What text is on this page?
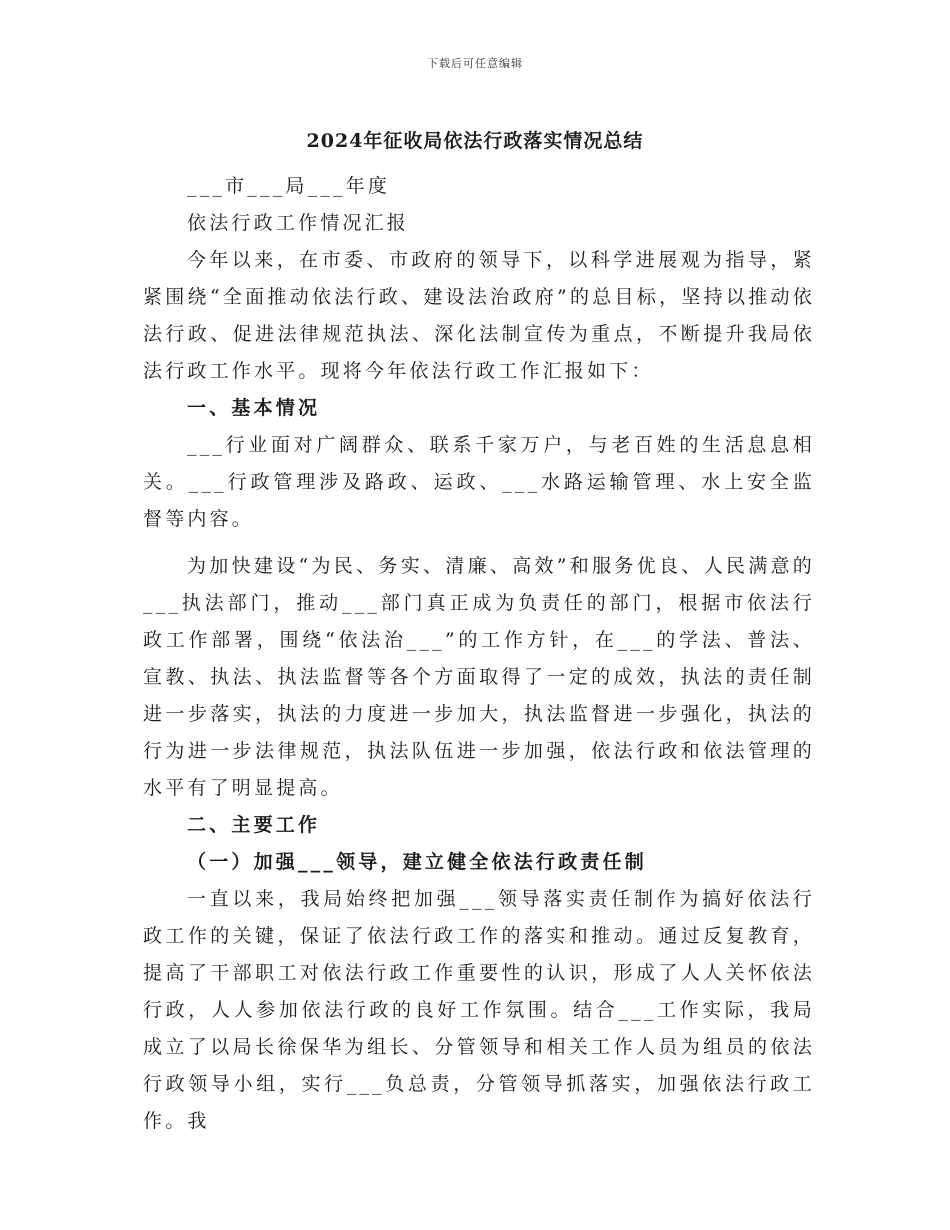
下载后可任意编辑
2024年征收局依法行政落实情况总结

___市___局___年度

依法行政工作情况汇报

今年以来，在市委、市政府的领导下，以科学进展观为指导，紧紧围绕“全面推动依法行政、建设法治政府”的总目标，坚持以推动依法行政、促进法律规范执法、深化法制宣传为重点，不断提升我局依法行政工作水平。现将今年依法行政工作汇报如下：

一、基本情况

___行业面对广阔群众、联系千家万户，与老百姓的生活息息相关。___行政管理涉及路政、运政、___水路运输管理、水上安全监督等内容。

为加快建设“为民、务实、清廉、高效”和服务优良、人民满意的___执法部门，推动___部门真正成为负责任的部门，根据市依法行政工作部署，围绕“依法治___”的工作方针，在___的学法、普法、宣教、执法、执法监督等各个方面取得了一定的成效，执法的责任制进一步落实，执法的力度进一步加大，执法监督进一步强化，执法的行为进一步法律规范，执法队伍进一步加强，依法行政和依法管理的水平有了明显提高。

二、主要工作

（一）加强___领导，建立健全依法行政责任制

一直以来，我局始终把加强___领导落实责任制作为搞好依法行政工作的关键，保证了依法行政工作的落实和推动。通过反复教育，提高了干部职工对依法行政工作重要性的认识，形成了人人关怀依法行政，人人参加依法行政的良好工作氛围。结合___工作实际，我局成立了以局长徐保华为组长、分管领导和相关工作人员为组员的依法行政领导小组，实行___负总责，分管领导抓落实，加强依法行政工作。我
